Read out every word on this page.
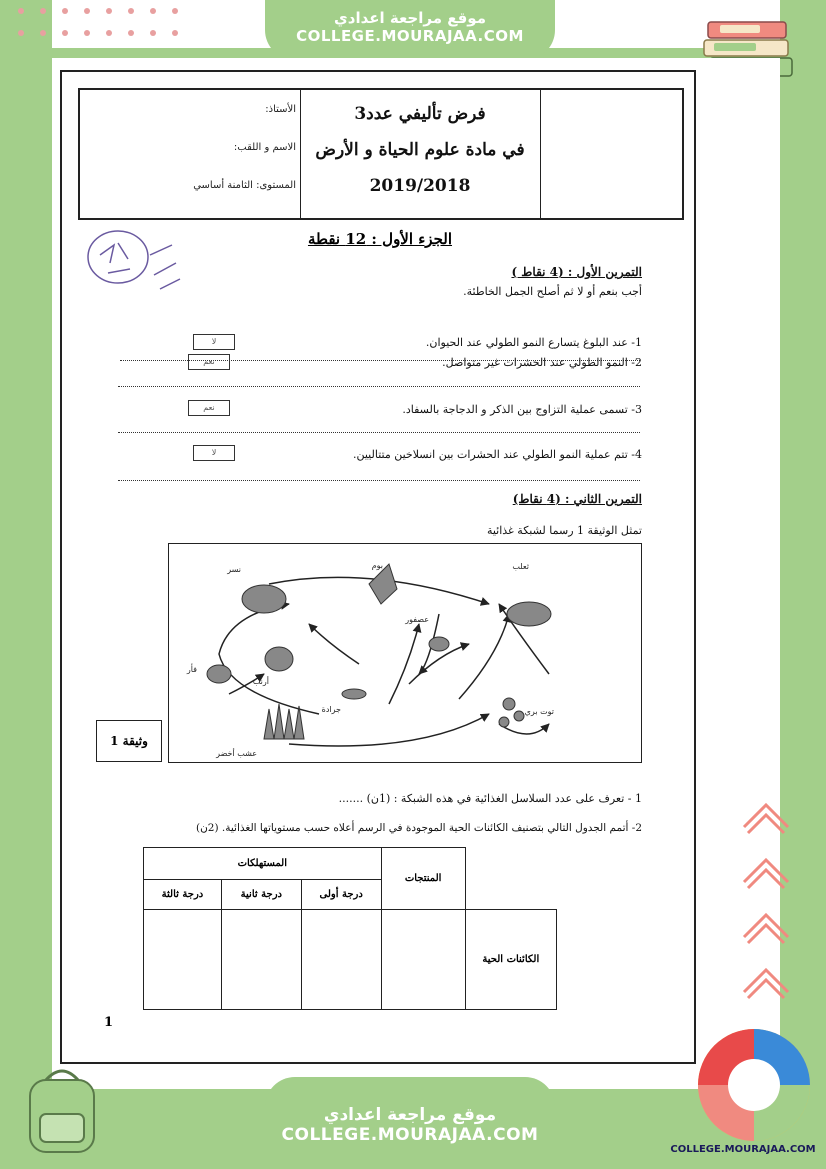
موقع مراجعة اعدادي
COLLEGE.MOURAJAA.COM
فرض تأليفي عدد3
في مادة علوم الحياة و الأرض
2019/2018
الأستاذ:
الاسم و اللقب:
المستوى: الثامنة أساسي
الجزء الأول : 12 نقطة
التمرين الأول : (4 نقاط )
أجب بنعم أو لا ثم أصلح الجمل الخاطئة.
1- عند البلوغ يتسارع النمو الطولي عند الحيوان.
لا
2- النمو الطولي عند الحشرات غير متواصل.
نعم
3- تسمى عملية التزاوج بين الذكر و الدجاجة بالسفاد.
نعم
4- تتم عملية النمو الطولي عند الحشرات بين انسلاخين متتاليين.
لا
التمرين الثاني : (4 نقاط)
تمثل الوثيقة 1 رسما لشبكة غذائية
نسر	بوم	ثعلب
عصفور
أرنب
فأر
جرادة
عشب أخضر
توت بري
وثيقة 1
1 - تعرف على عدد السلاسل الغذائية في هذه الشبكة : (1ن) .......
2- أتمم الجدول التالي بتصنيف الكائنات الحية الموجودة في الرسم أعلاه حسب مستوياتها الغذائية. (2ن)
	المنتجات	المستهلكات		
		درجة أولى	درجة ثانية	درجة ثالثة
الكائنات الحية				
1
موقع مراجعة اعدادي
COLLEGE.MOURAJAA.COM
COLLEGE.MOURAJAA.COM
